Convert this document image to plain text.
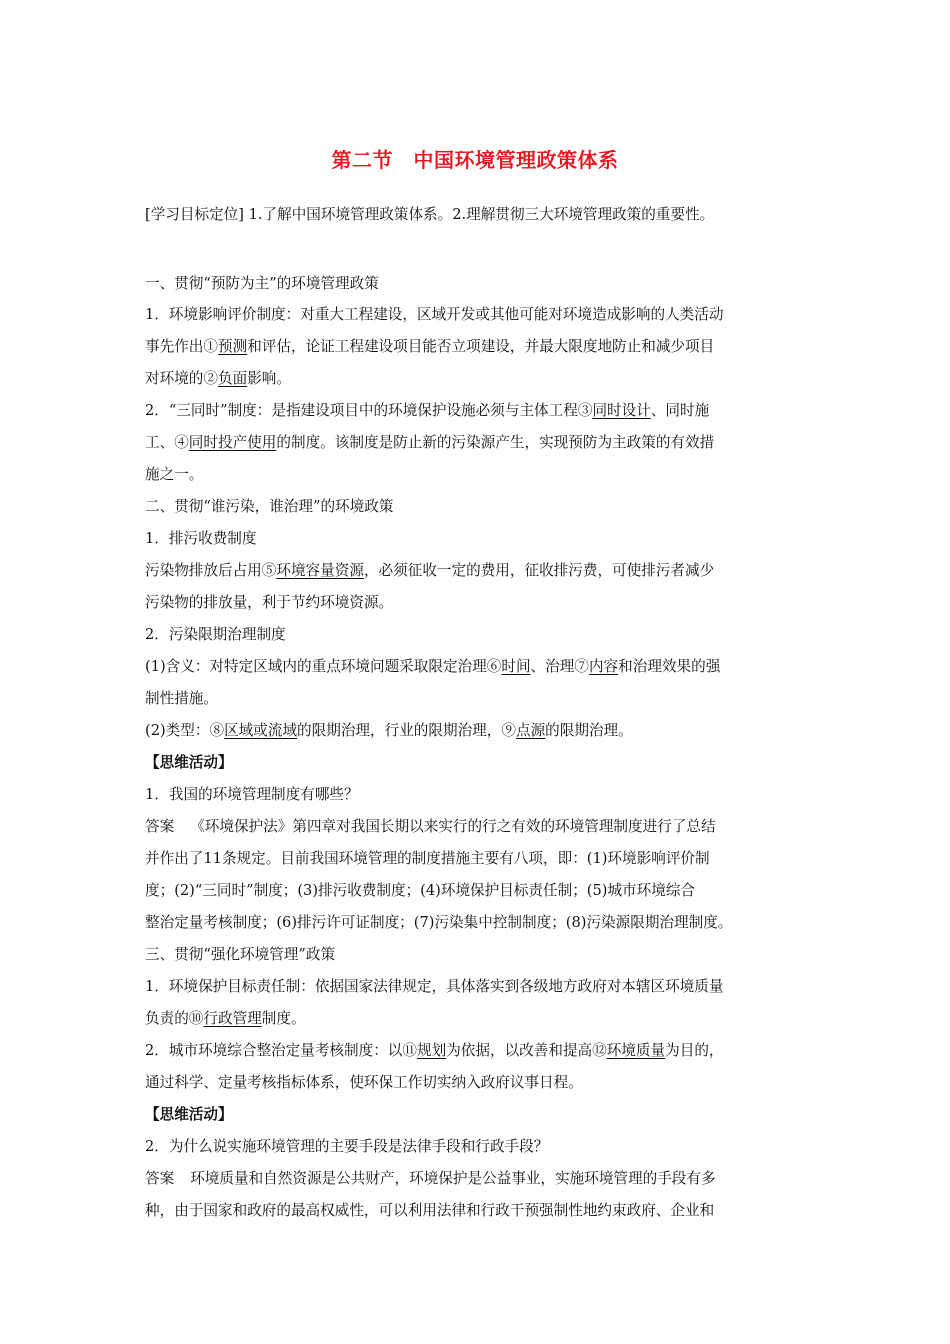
第二节　中国环境管理政策体系
[学习目标定位] 1.了解中国环境管理政策体系。2.理解贯彻三大环境管理政策的重要性。
一、贯彻“预防为主”的环境管理政策
1．环境影响评价制度：对重大工程建设，区域开发或其他可能对环境造成影响的人类活动
事先作出①预测和评估，论证工程建设项目能否立项建设，并最大限度地防止和减少项目
对环境的②负面影响。
2．“三同时”制度：是指建设项目中的环境保护设施必须与主体工程③同时设计、同时施
工、④同时投产使用的制度。该制度是防止新的污染源产生，实现预防为主政策的有效措
施之一。
二、贯彻“谁污染，谁治理”的环境政策
1．排污收费制度
污染物排放后占用⑤环境容量资源，必须征收一定的费用，征收排污费，可使排污者减少
污染物的排放量，利于节约环境资源。
2．污染限期治理制度
(1)含义：对特定区域内的重点环境问题采取限定治理⑥时间、治理⑦内容和治理效果的强
制性措施。
(2)类型：⑧区域或流域的限期治理，行业的限期治理，⑨点源的限期治理。
【思维活动】
1．我国的环境管理制度有哪些？
答案 《环境保护法》第四章对我国长期以来实行的行之有效的环境管理制度进行了总结
并作出了11条规定。目前我国环境管理的制度措施主要有八项，即：(1)环境影响评价制
度；(2)“三同时”制度；(3)排污收费制度；(4)环境保护目标责任制；(5)城市环境综合
整治定量考核制度；(6)排污许可证制度；(7)污染集中控制制度；(8)污染源限期治理制度。
三、贯彻“强化环境管理”政策
1．环境保护目标责任制：依据国家法律规定，具体落实到各级地方政府对本辖区环境质量
负责的⑩行政管理制度。
2．城市环境综合整治定量考核制度：以⑪规划为依据，以改善和提高⑫环境质量为目的，
通过科学、定量考核指标体系，使环保工作切实纳入政府议事日程。
【思维活动】
2．为什么说实施环境管理的主要手段是法律手段和行政手段？
答案 环境质量和自然资源是公共财产，环境保护是公益事业，实施环境管理的手段有多
种，由于国家和政府的最高权威性，可以利用法律和行政干预强制性地约束政府、企业和
